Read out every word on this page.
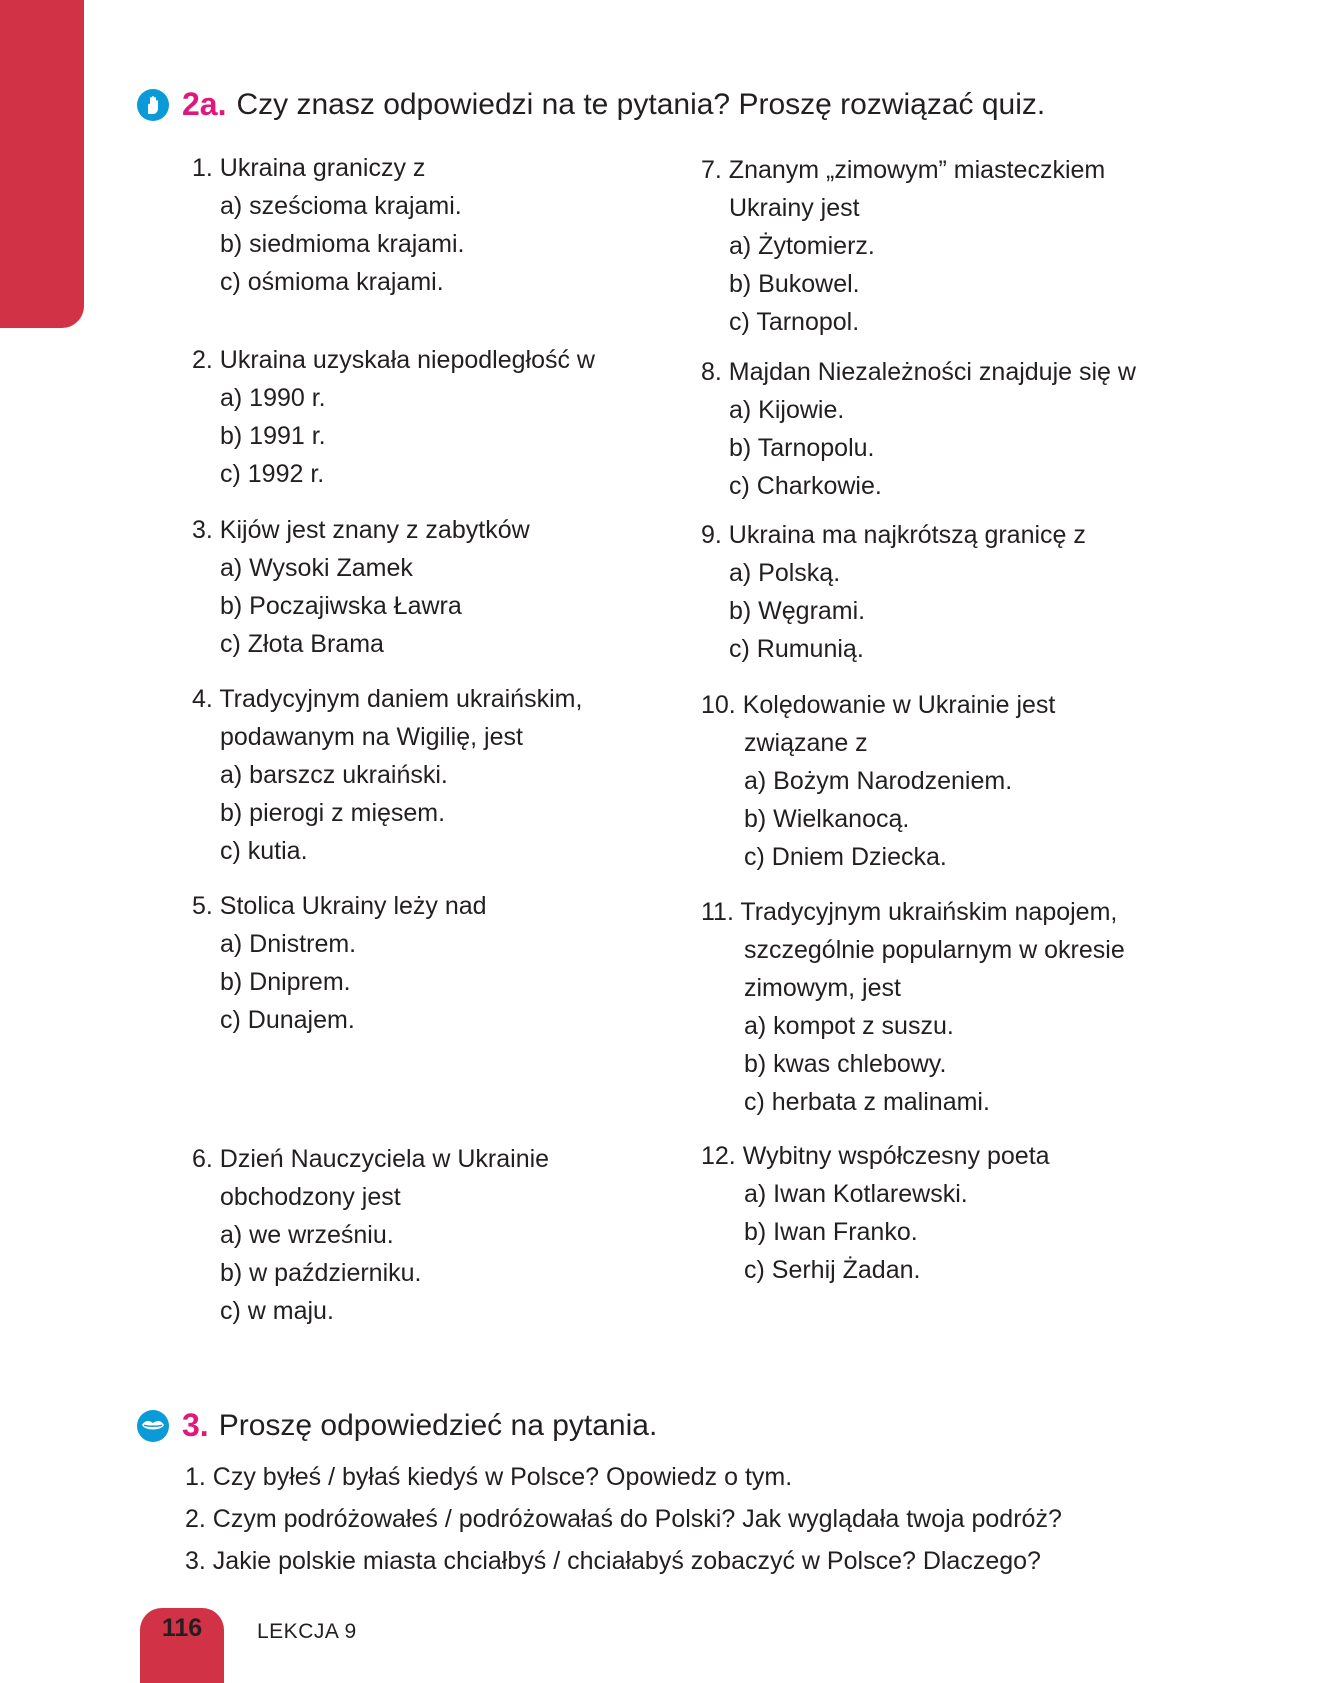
2a. Czy znasz odpowiedzi na te pytania? Proszę rozwiązać quiz.
1. Ukraina graniczy z
a) sześcioma krajami.
b) siedmioma krajami.
c) ośmioma krajami.
2. Ukraina uzyskała niepodległość w
a) 1990 r.
b) 1991 r.
c) 1992 r.
3. Kijów jest znany z zabytków
a) Wysoki Zamek
b) Poczajiwska Ławra
c) Złota Brama
4. Tradycyjnym daniem ukraińskim,
podawanym na Wigilię, jest
a) barszcz ukraiński.
b) pierogi z mięsem.
c) kutia.
5. Stolica Ukrainy leży nad
a) Dnistrem.
b) Dniprem.
c) Dunajem.
6. Dzień Nauczyciela w Ukrainie
obchodzony jest
a) we wrześniu.
b) w październiku.
c) w maju.
7. Znanym „zimowym” miasteczkiem
Ukrainy jest
a) Żytomierz.
b) Bukowel.
c) Tarnopol.
8. Majdan Niezależności znajduje się w
a) Kijowie.
b) Tarnopolu.
c) Charkowie.
9. Ukraina ma najkrótszą granicę z
a) Polską.
b) Węgrami.
c) Rumunią.
10. Kolędowanie w Ukrainie jest
związane z
a) Bożym Narodzeniem.
b) Wielkanocą.
c) Dniem Dziecka.
11. Tradycyjnym ukraińskim napojem,
szczególnie popularnym w okresie
zimowym, jest
a) kompot z suszu.
b) kwas chlebowy.
c) herbata z malinami.
12. Wybitny współczesny poeta
a) Iwan Kotlarewski.
b) Iwan Franko.
c) Serhij Żadan.
3. Proszę odpowiedzieć na pytania.
1. Czy byłeś / byłaś kiedyś w Polsce? Opowiedz o tym.
2. Czym podróżowałeś / podróżowałaś do Polski? Jak wyglądała twoja podróż?
3. Jakie polskie miasta chciałbyś / chciałabyś zobaczyć w Polsce? Dlaczego?
116	LEKCJA 9
